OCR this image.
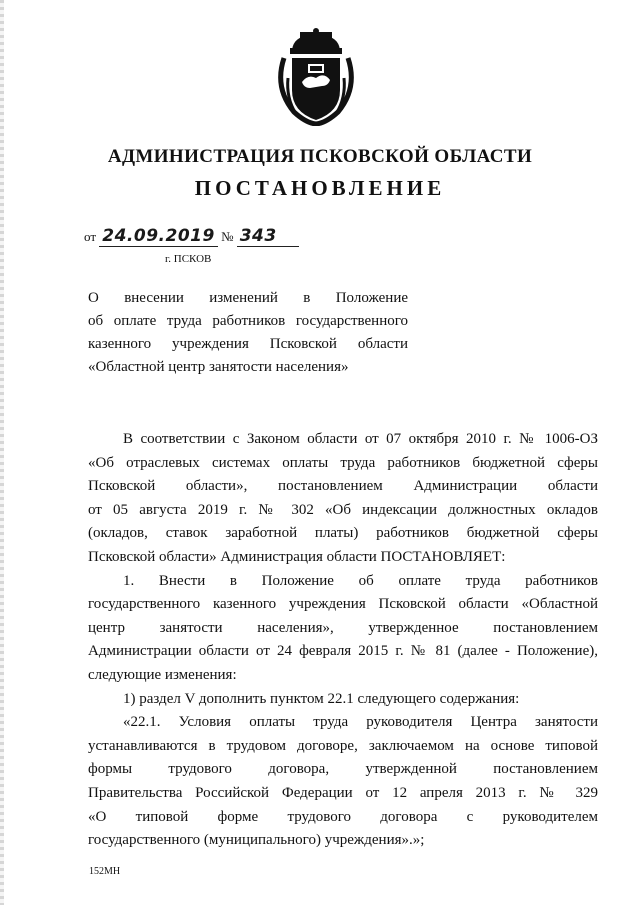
АДМИНИСТРАЦИЯ ПСКОВСКОЙ ОБЛАСТИ
ПОСТАНОВЛЕНИЕ
от 24.09.2019 № 343
г. ПСКОВ
О внесении изменений в Положение
об оплате труда работников государственного
казенного учреждения Псковской области
«Областной центр занятости населения»
В соответствии с Законом области от 07 октября 2010 г. № 1006-ОЗ
«Об отраслевых системах оплаты труда работников бюджетной сферы
Псковской области», постановлением Администрации области
от 05 августа 2019 г. № 302 «Об индексации должностных окладов
(окладов, ставок заработной платы) работников бюджетной сферы
Псковской области» Администрация области ПОСТАНОВЛЯЕТ:
1. Внести в Положение об оплате труда работников
государственного казенного учреждения Псковской области «Областной
центр занятости населения», утвержденное постановлением
Администрации области от 24 февраля 2015 г. № 81 (далее - Положение),
следующие изменения:
1) раздел V дополнить пунктом 22.1 следующего содержания:
«22.1. Условия оплаты труда руководителя Центра занятости
устанавливаются в трудовом договоре, заключаемом на основе типовой
формы трудового договора, утвержденной постановлением
Правительства Российской Федерации от 12 апреля 2013 г. № 329
«О типовой форме трудового договора с руководителем
государственного (муниципального) учреждения».»;
152МН
